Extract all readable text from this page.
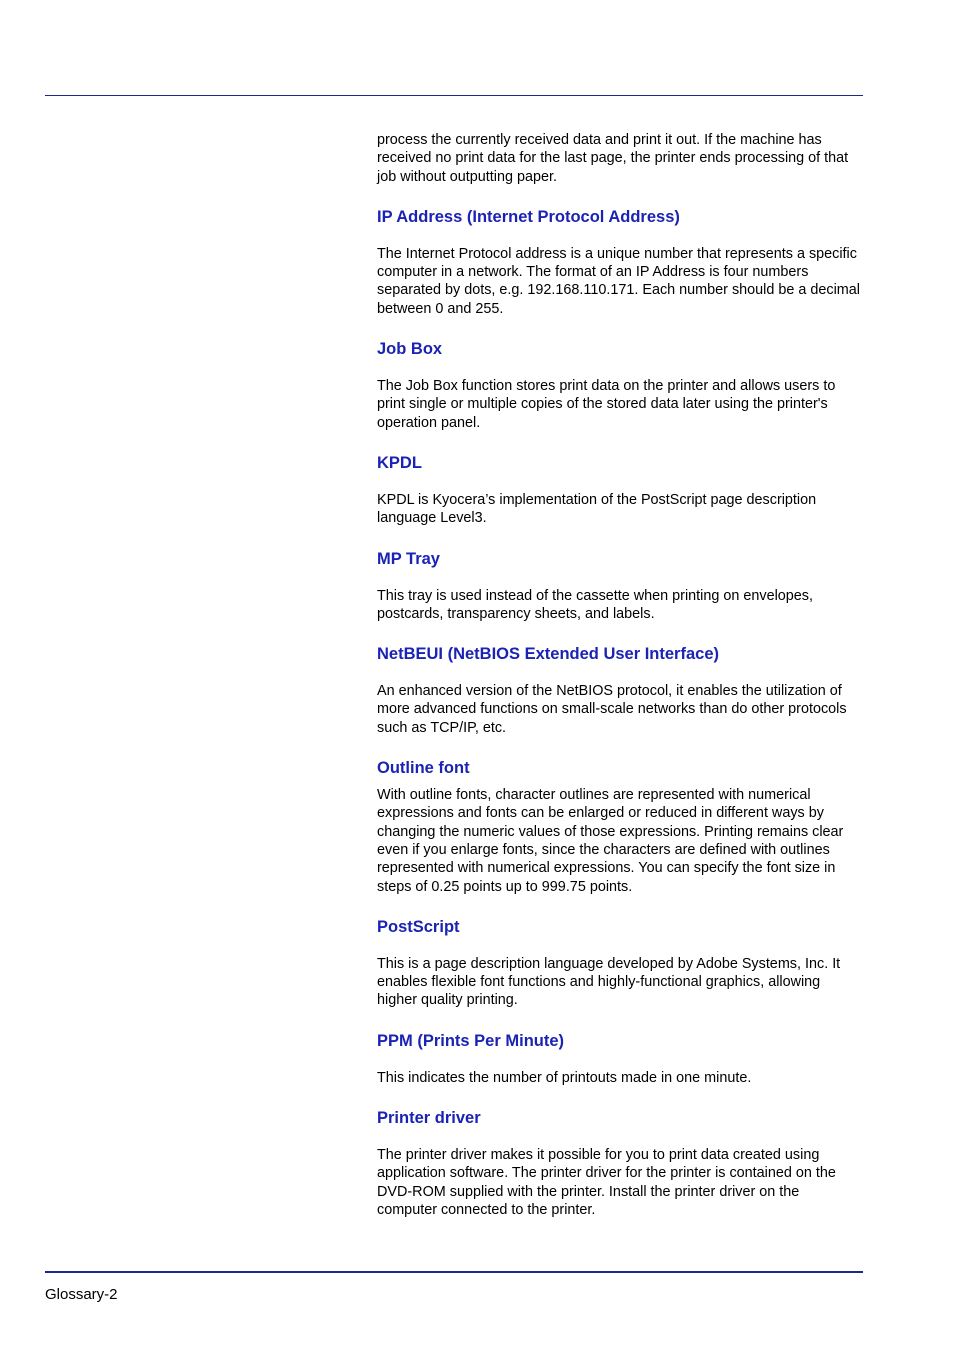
process the currently received data and print it out. If the machine has received no print data for the last page, the printer ends processing of that job without outputting paper.

IP Address (Internet Protocol Address)

The Internet Protocol address is a unique number that represents a specific computer in a network. The format of an IP Address is four numbers separated by dots, e.g. 192.168.110.171. Each number should be a decimal between 0 and 255.

Job Box

The Job Box function stores print data on the printer and allows users to print single or multiple copies of the stored data later using the printer's operation panel.

KPDL

KPDL is Kyocera’s implementation of the PostScript page description language Level3.

MP Tray

This tray is used instead of the cassette when printing on envelopes, postcards, transparency sheets, and labels.

NetBEUI (NetBIOS Extended User Interface)

An enhanced version of the NetBIOS protocol, it enables the utilization of more advanced functions on small-scale networks than do other protocols such as TCP/IP, etc.

Outline font

With outline fonts, character outlines are represented with numerical expressions and fonts can be enlarged or reduced in different ways by changing the numeric values of those expressions. Printing remains clear even if you enlarge fonts, since the characters are defined with outlines represented with numerical expressions. You can specify the font size in steps of 0.25 points up to 999.75 points.

PostScript

This is a page description language developed by Adobe Systems, Inc. It enables flexible font functions and highly-functional graphics, allowing higher quality printing.

PPM (Prints Per Minute)

This indicates the number of printouts made in one minute.

Printer driver

The printer driver makes it possible for you to print data created using application software. The printer driver for the printer is contained on the DVD-ROM supplied with the printer. Install the printer driver on the computer connected to the printer.

Glossary-2
